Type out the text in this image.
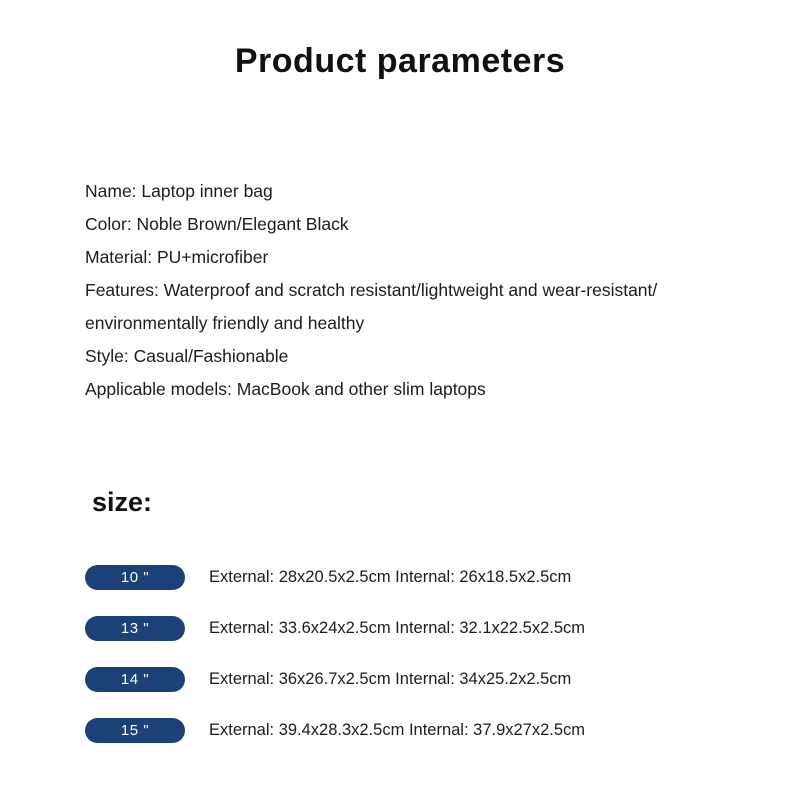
Product parameters
Name: Laptop inner bag
Color: Noble Brown/Elegant Black
Material: PU+microfiber
Features: Waterproof and scratch resistant/lightweight and wear-resistant/
environmentally friendly and healthy
Style: Casual/Fashionable
Applicable models: MacBook and other slim laptops
size:
10 "	External: 28x20.5x2.5cm Internal: 26x18.5x2.5cm
13 "	External: 33.6x24x2.5cm Internal: 32.1x22.5x2.5cm
14 "	External: 36x26.7x2.5cm Internal: 34x25.2x2.5cm
15 "	External: 39.4x28.3x2.5cm Internal: 37.9x27x2.5cm
